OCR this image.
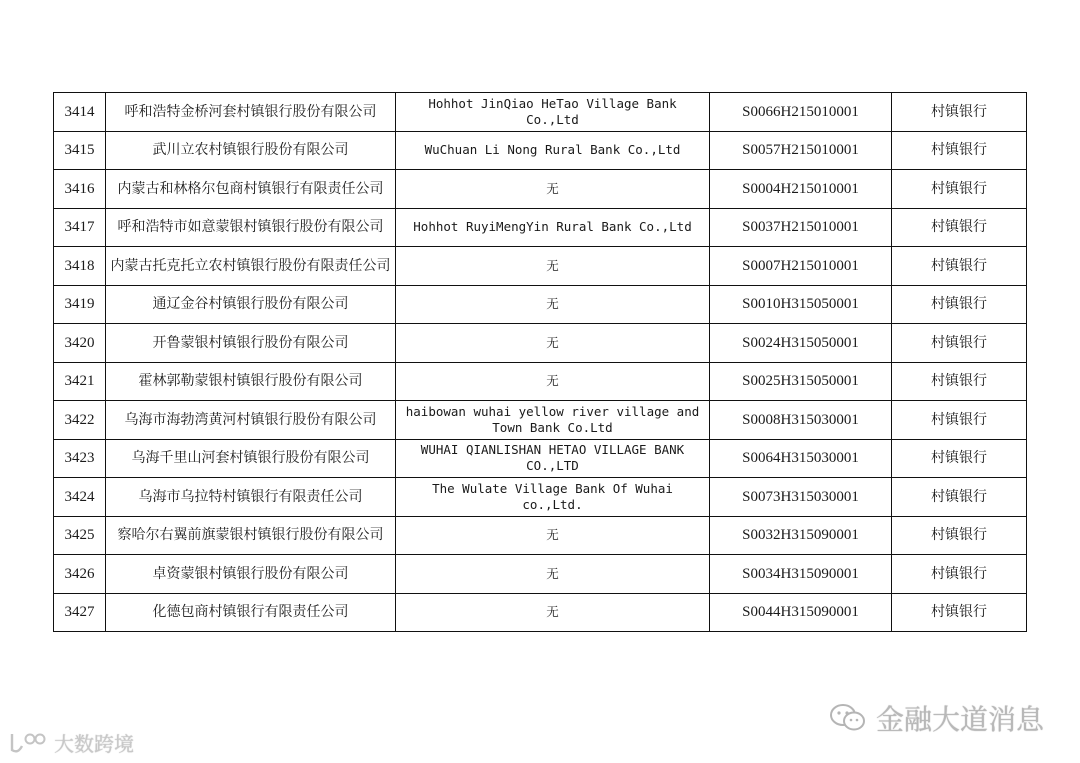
3414	呼和浩特金桥河套村镇银行股份有限公司	Hohhot JinQiao HeTao Village Bank Co.,Ltd	S0066H215010001	村镇银行
3415	武川立农村镇银行股份有限公司	WuChuan Li Nong Rural Bank Co.,Ltd	S0057H215010001	村镇银行
3416	内蒙古和林格尔包商村镇银行有限责任公司	无	S0004H215010001	村镇银行
3417	呼和浩特市如意蒙银村镇银行股份有限公司	Hohhot RuyiMengYin Rural Bank Co.,Ltd	S0037H215010001	村镇银行
3418	内蒙古托克托立农村镇银行股份有限责任公司	无	S0007H215010001	村镇银行
3419	通辽金谷村镇银行股份有限公司	无	S0010H315050001	村镇银行
3420	开鲁蒙银村镇银行股份有限公司	无	S0024H315050001	村镇银行
3421	霍林郭勒蒙银村镇银行股份有限公司	无	S0025H315050001	村镇银行
3422	乌海市海勃湾黄河村镇银行股份有限公司	haibowan wuhai yellow river village and Town Bank Co.Ltd	S0008H315030001	村镇银行
3423	乌海千里山河套村镇银行股份有限公司	WUHAI QIANLISHAN HETAO VILLAGE BANK CO.,LTD	S0064H315030001	村镇银行
3424	乌海市乌拉特村镇银行有限责任公司	The Wulate Village Bank Of Wuhai co.,Ltd.	S0073H315030001	村镇银行
3425	察哈尔右翼前旗蒙银村镇银行股份有限公司	无	S0032H315090001	村镇银行
3426	卓资蒙银村镇银行股份有限公司	无	S0034H315090001	村镇银行
3427	化德包商村镇银行有限责任公司	无	S0044H315090001	村镇银行
金融大道消息
大数跨境
